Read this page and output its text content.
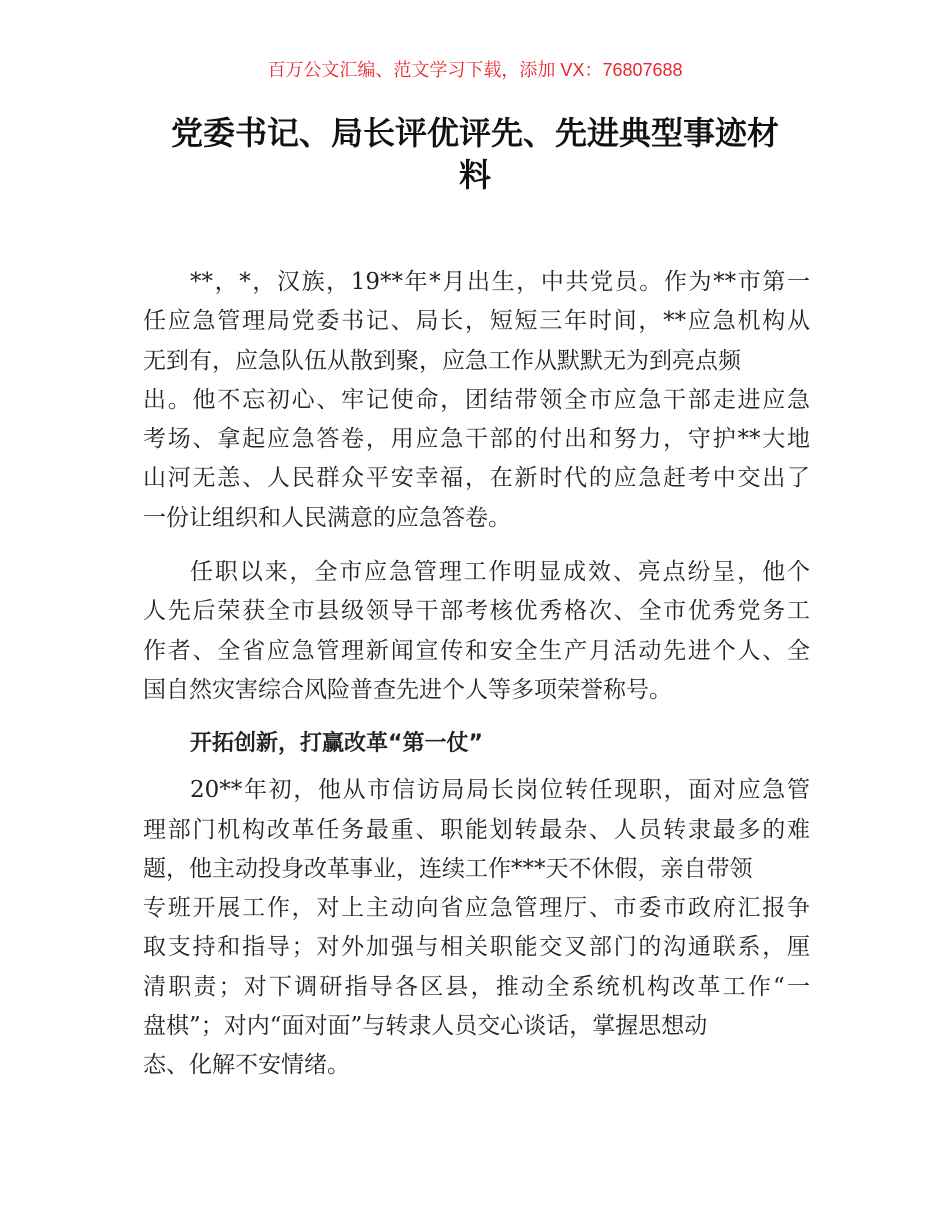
百万公文汇编、范文学习下载，添加 VX：76807688
党委书记、局长评优评先、先进典型事迹材
料
**，*，汉族，19**年*月出生，中共党员。作为**市第一
任应急管理局党委书记、局长，短短三年时间，**应急机构从
无到有，应急队伍从散到聚，应急工作从默默无为到亮点频
出。他不忘初心、牢记使命，团结带领全市应急干部走进应急
考场、拿起应急答卷，用应急干部的付出和努力，守护**大地
山河无恙、人民群众平安幸福，在新时代的应急赶考中交出了
一份让组织和人民满意的应急答卷。
任职以来，全市应急管理工作明显成效、亮点纷呈，他个
人先后荣获全市县级领导干部考核优秀格次、全市优秀党务工
作者、全省应急管理新闻宣传和安全生产月活动先进个人、全
国自然灾害综合风险普查先进个人等多项荣誉称号。
开拓创新，打赢改革“第一仗”
20**年初，他从市信访局局长岗位转任现职，面对应急管
理部门机构改革任务最重、职能划转最杂、人员转隶最多的难
题，他主动投身改革事业，连续工作***天不休假，亲自带领
专班开展工作，对上主动向省应急管理厅、市委市政府汇报争
取支持和指导；对外加强与相关职能交叉部门的沟通联系，厘
清职责；对下调研指导各区县，推动全系统机构改革工作“一
盘棋”；对内“面对面”与转隶人员交心谈话，掌握思想动
态、化解不安情绪。
